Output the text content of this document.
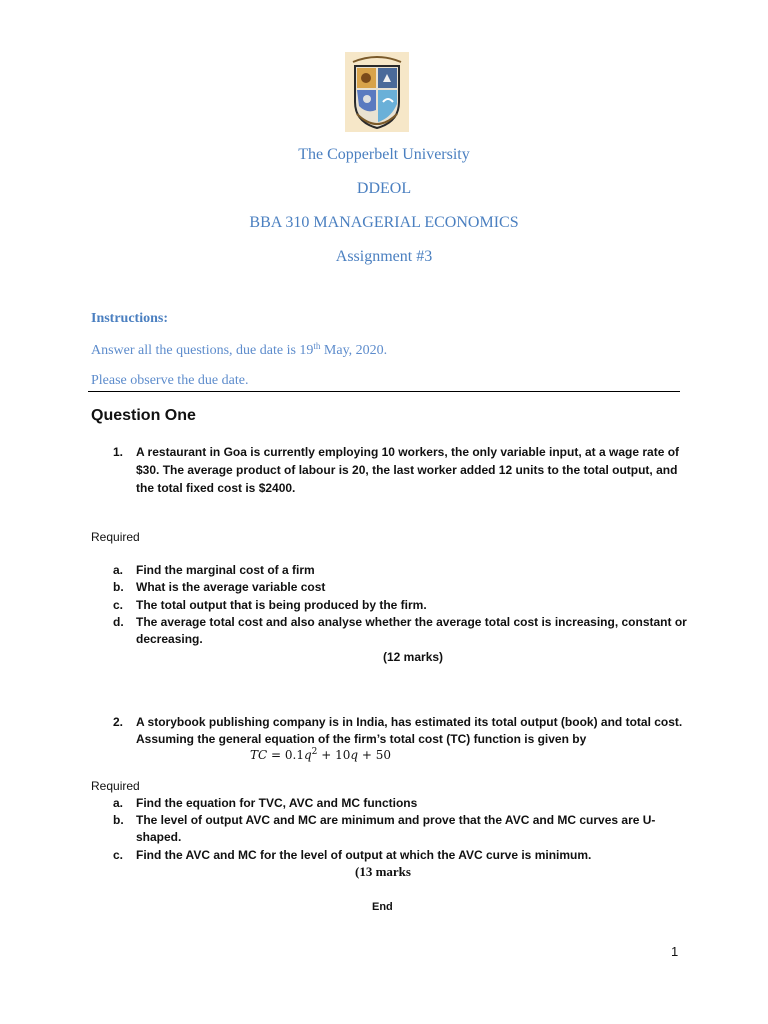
The Copperbelt University
DDEOL
BBA 310 MANAGERIAL ECONOMICS
Assignment #3
Instructions:
Answer all the questions, due date is 19th May, 2020.
Please observe the due date.
Question One
1. A restaurant in Goa is currently employing 10 workers, the only variable input, at a wage rate of
$30. The average product of labour is 20, the last worker added 12 units to the total output, and
the total fixed cost is $2400.
Required
a. Find the marginal cost of a firm
b. What is the average variable cost
c. The total output that is being produced by the firm.
d. The average total cost and also analyse whether the average total cost is increasing, constant or
decreasing.
(12 marks)
2. A storybook publishing company is in India, has estimated its total output (book) and total cost.
Assuming the general equation of the firm’s total cost (TC) function is given by
TC = $0.1q^2 + 10q + 50$
Required
a. Find the equation for TVC, AVC and MC functions
b. The level of output AVC and MC are minimum and prove that the AVC and MC curves are U-
shaped.
c. Find the AVC and MC for the level of output at which the AVC curve is minimum.
(13 marks
End
1
